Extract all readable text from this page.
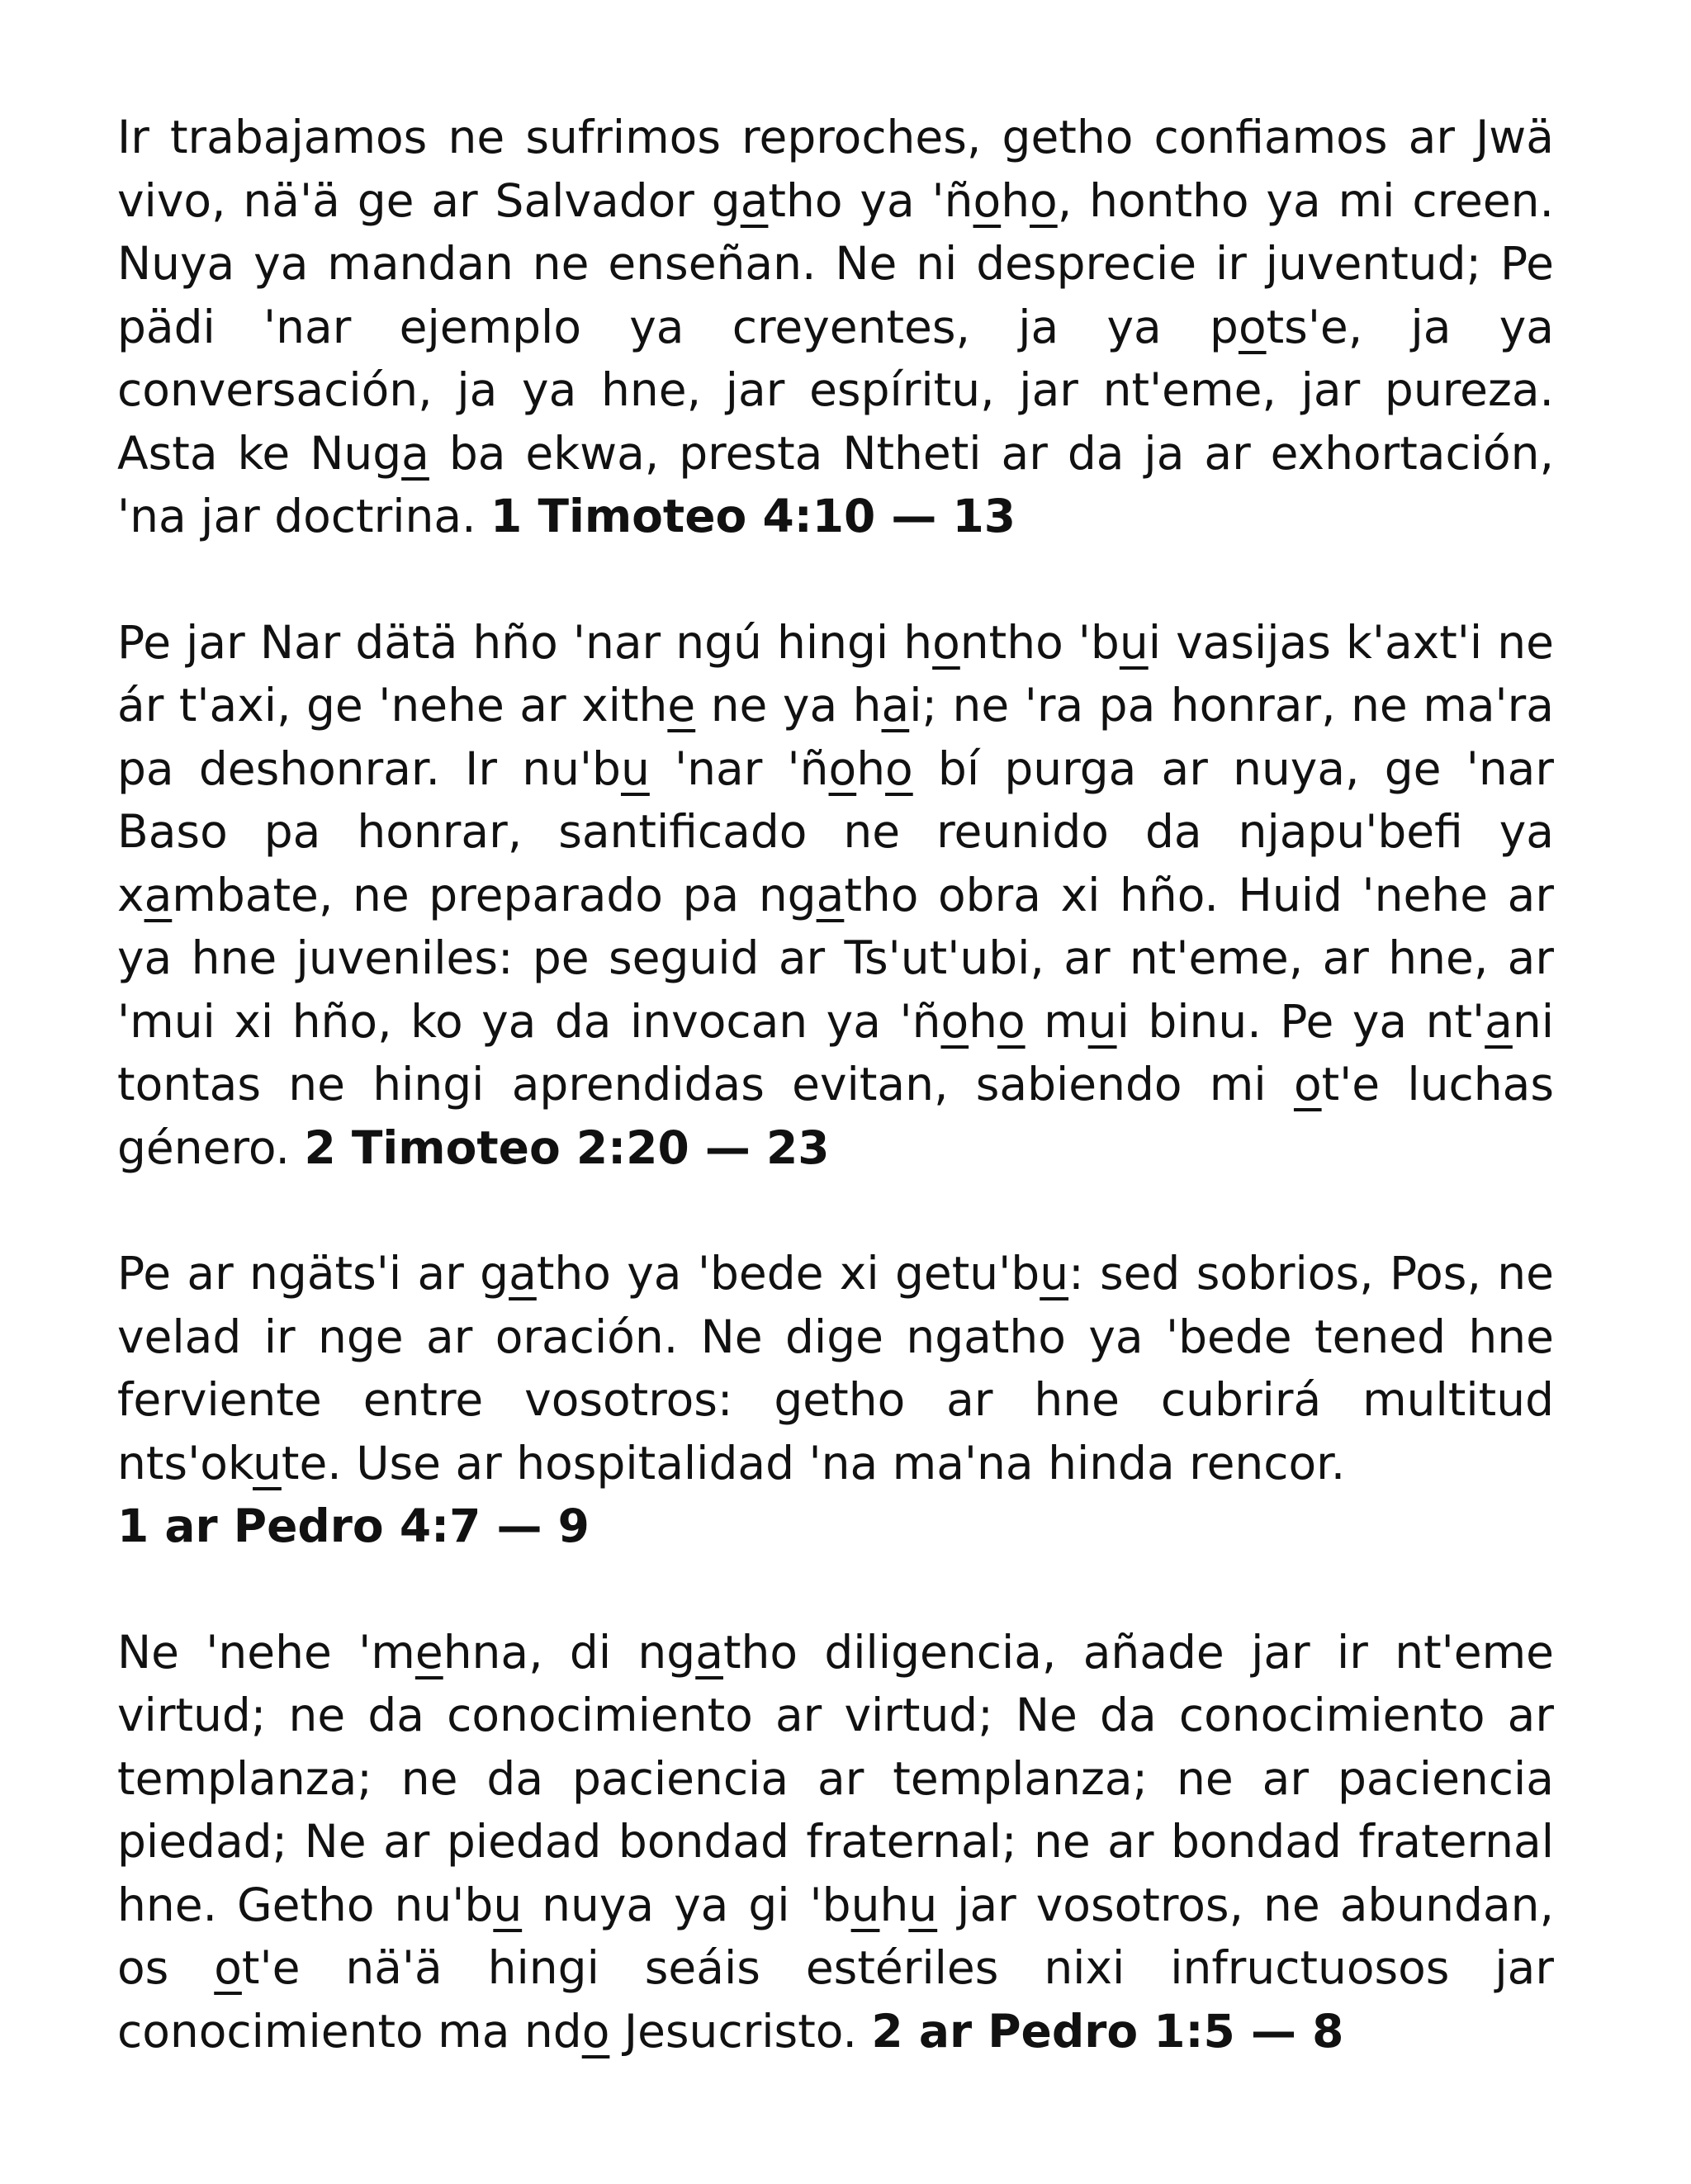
Ir trabajamos ne sufrimos reproches, getho confiamos ar Jwä vivo, nä'ä ge ar Salvador gatho ya 'ñoho, hontho ya mi creen. Nuya ya mandan ne enseñan. Ne ni desprecie ir juventud; Pe pädi 'nar ejemplo ya creyentes, ja ya pots'e, ja ya conversación, ja ya hne, jar espíritu, jar nt'eme, jar pureza. Asta ke Nuga ba ekwa, presta Ntheti ar da ja ar exhortación, 'na jar doctrina. 1 Timoteo 4:10 — 13

Pe jar Nar dätä hño 'nar ngú hingi hontho 'bui vasijas k'axt'i ne ár t'axi, ge 'nehe ar xithe ne ya hai; ne 'ra pa honrar, ne ma'ra pa deshonrar. Ir nu'bu 'nar 'ñoho bí purga ar nuya, ge 'nar Baso pa honrar, santificado ne reunido da njapu'befi ya xambate, ne preparado pa ngatho obra xi hño. Huid 'nehe ar ya hne juveniles: pe seguid ar Ts'ut'ubi, ar nt'eme, ar hne, ar 'mui xi hño, ko ya da invocan ya 'ñoho mui binu. Pe ya nt'ani tontas ne hingi aprendidas evitan, sabiendo mi ot'e luchas género. 2 Timoteo 2:20 — 23

Pe ar ngäts'i ar gatho ya 'bede xi getu'bu: sed sobrios, Pos, ne velad ir nge ar oración. Ne dige ngatho ya 'bede tened hne ferviente entre vosotros: getho ar hne cubrirá multitud nts'okute. Use ar hospitalidad 'na ma'na hinda rencor.
1 ar Pedro 4:7 — 9

Ne 'nehe 'mehna, di ngatho diligencia, añade jar ir nt'eme virtud; ne da conocimiento ar virtud; Ne da conocimiento ar templanza; ne da paciencia ar templanza; ne ar paciencia piedad; Ne ar piedad bondad fraternal; ne ar bondad fraternal hne. Getho nu'bu nuya ya gi 'buhu jar vosotros, ne abundan, os ot'e nä'ä hingi seáis estériles nixi infructuosos jar conocimiento ma ndo Jesucristo. 2 ar Pedro 1:5 — 8
